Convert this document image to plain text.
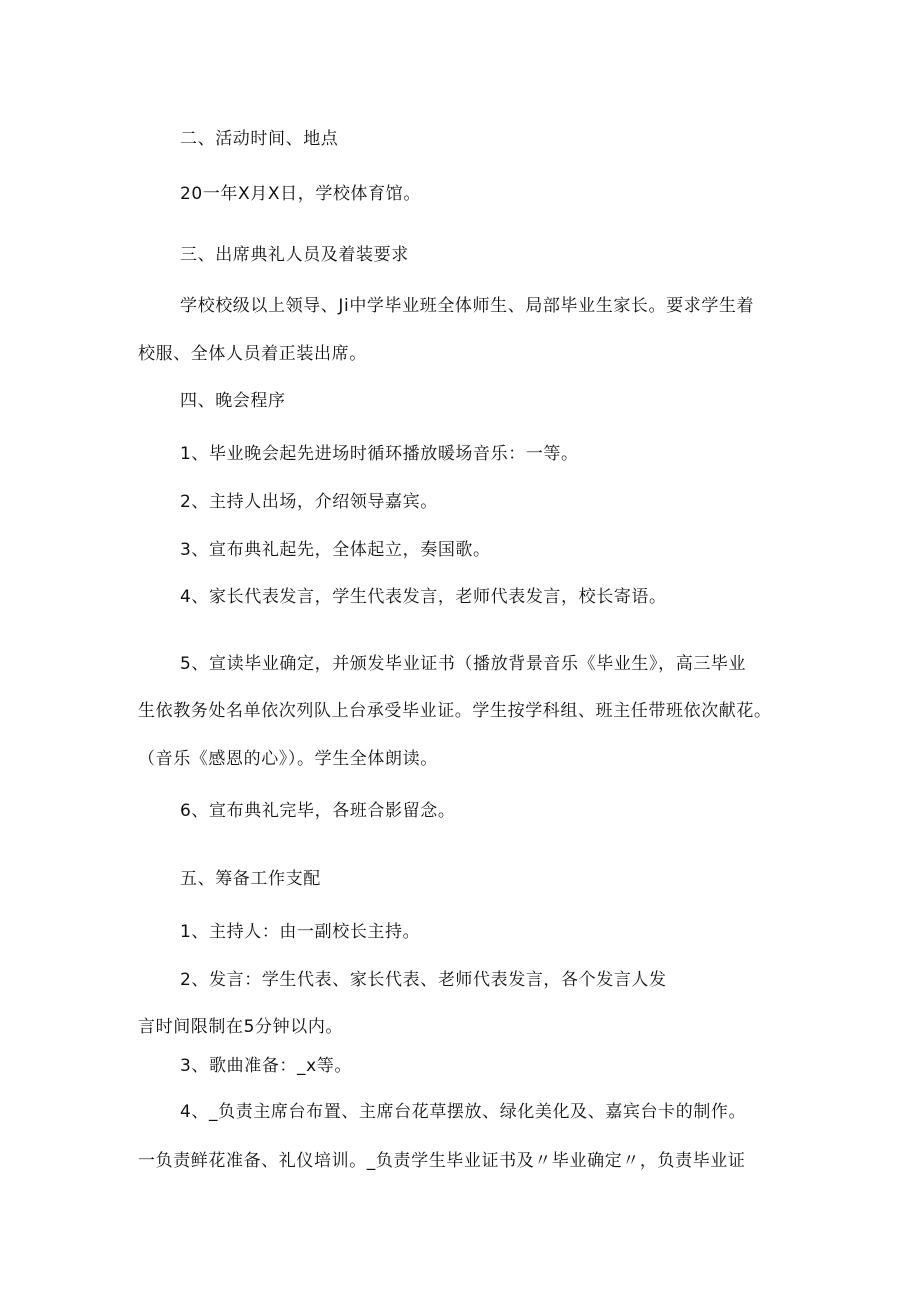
二、活动时间、地点
20一年X月X日，学校体育馆。
三、出席典礼人员及着装要求
学校校级以上领导、Ji中学毕业班全体师生、局部毕业生家长。要求学生着
校服、全体人员着正装出席。
四、晚会程序
1、毕业晚会起先进场时循环播放暖场音乐：一等。
2、主持人出场，介绍领导嘉宾。
3、宣布典礼起先，全体起立，奏国歌。
4、家长代表发言，学生代表发言，老师代表发言，校长寄语。
5、宣读毕业确定，并颁发毕业证书（播放背景音乐《毕业生》，高三毕业
生依教务处名单依次列队上台承受毕业证。学生按学科组、班主任带班依次献花。
（音乐《感恩的心》）。学生全体朗读。
6、宣布典礼完毕，各班合影留念。
五、筹备工作支配
1、主持人：由一副校长主持。
2、发言：学生代表、家长代表、老师代表发言，各个发言人发
言时间限制在5分钟以内。
3、歌曲准备：_x等。
4、_负责主席台布置、主席台花草摆放、绿化美化及、嘉宾台卡的制作。
一负责鲜花准备、礼仪培训。_负责学生毕业证书及〃毕业确定〃，负责毕业证
